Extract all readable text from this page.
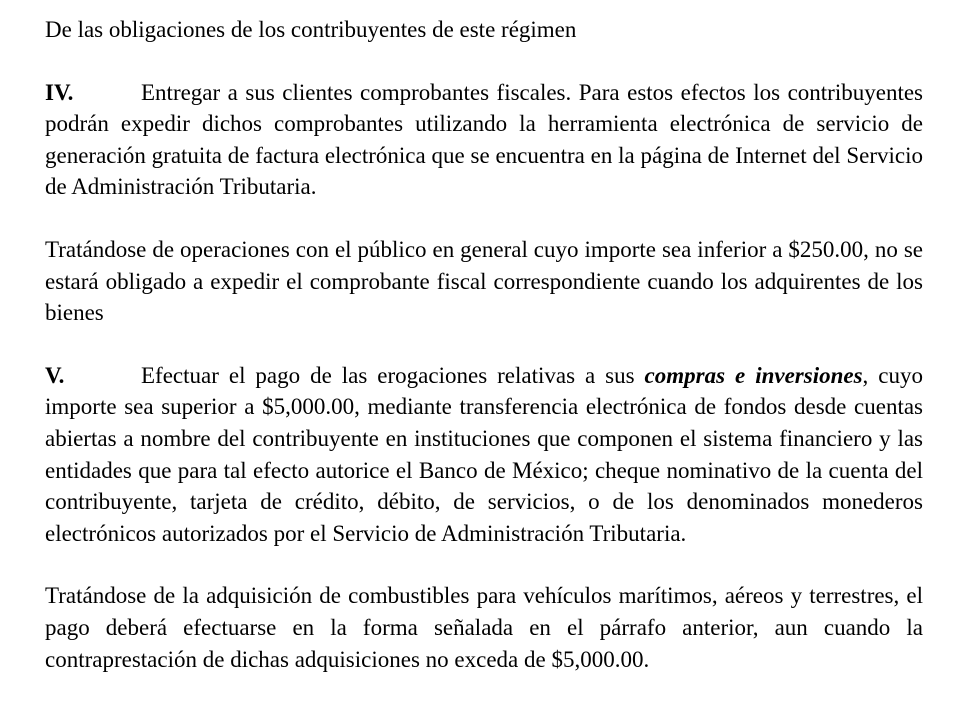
De las obligaciones de los contribuyentes de este régimen

IV.	Entregar a sus clientes comprobantes fiscales. Para estos efectos los contribuyentes podrán expedir dichos comprobantes utilizando la herramienta electrónica de servicio de generación gratuita de factura electrónica que se encuentra en la página de Internet del Servicio de Administración Tributaria.

Tratándose de operaciones con el público en general cuyo importe sea inferior a $250.00, no se estará obligado a expedir el comprobante fiscal correspondiente cuando los adquirentes de los bienes

V.	Efectuar el pago de las erogaciones relativas a sus compras e inversiones, cuyo importe sea superior a $5,000.00, mediante transferencia electrónica de fondos desde cuentas abiertas a nombre del contribuyente en instituciones que componen el sistema financiero y las entidades que para tal efecto autorice el Banco de México; cheque nominativo de la cuenta del contribuyente, tarjeta de crédito, débito, de servicios, o de los denominados monederos electrónicos autorizados por el Servicio de Administración Tributaria.

Tratándose de la adquisición de combustibles para vehículos marítimos, aéreos y terrestres, el pago deberá efectuarse en la forma señalada en el párrafo anterior, aun cuando la contraprestación de dichas adquisiciones no exceda de $5,000.00.
